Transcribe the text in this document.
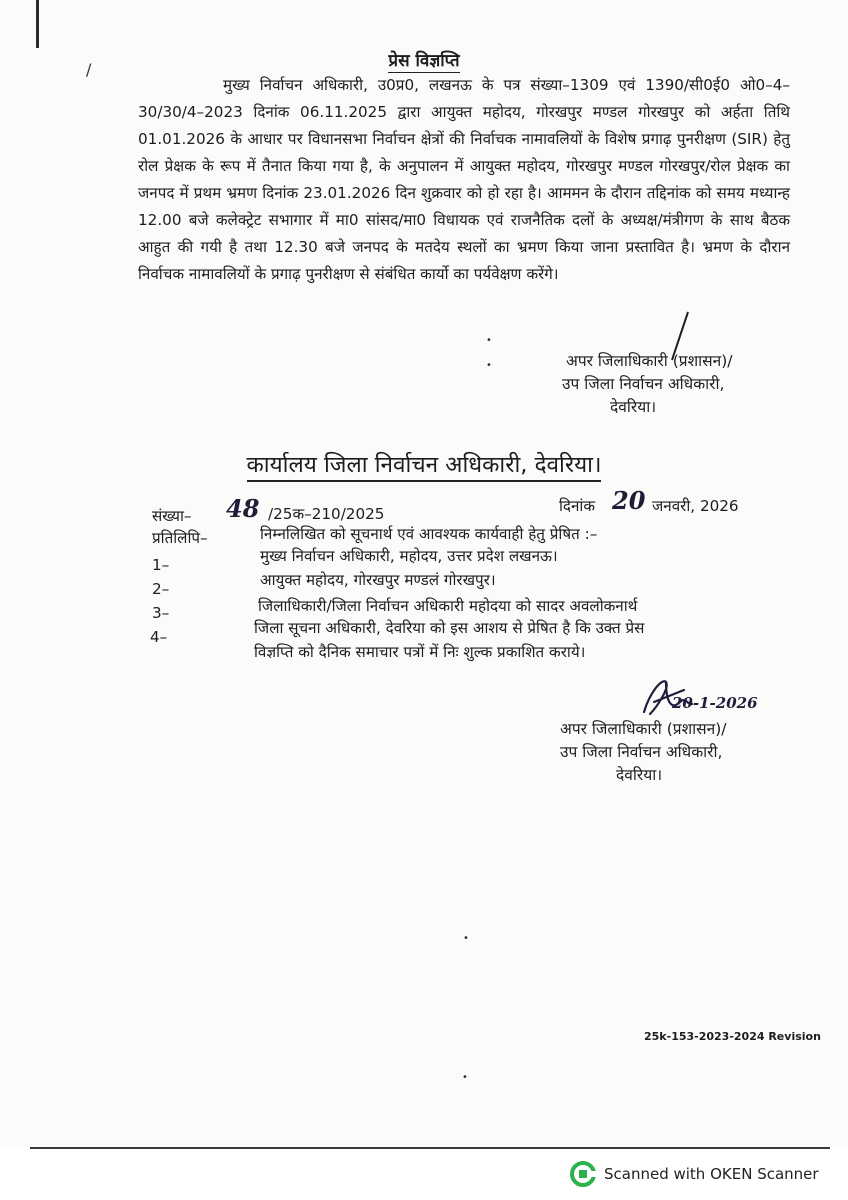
/
•
•
•
•
प्रेस विज्ञप्ति
मुख्य निर्वाचन अधिकारी, उ0प्र0, लखनऊ के पत्र संख्या–1309 एवं 1390/सी0ई0 ओ0–4–30/30/4–2023 दिनांक 06.11.2025 द्वारा आयुक्त महोदय, गोरखपुर मण्डल गोरखपुर को अर्हता तिथि 01.01.2026 के आधार पर विधानसभा निर्वाचन क्षेत्रों की निर्वाचक नामावलियों के विशेष प्रगाढ़ पुनरीक्षण (SIR) हेतु रोल प्रेक्षक के रूप में तैनात किया गया है, के अनुपालन में आयुक्त महोदय, गोरखपुर मण्डल गोरखपुर/रोल प्रेक्षक का जनपद में प्रथम भ्रमण दिनांक 23.01.2026 दिन शुक्रवार को हो रहा है। आममन के दौरान तद्दिनांक को समय मध्यान्ह 12.00 बजे कलेक्ट्रेट सभागार में मा0 सांसद/मा0 विधायक एवं राजनैतिक दलों के अध्यक्ष/मंत्रीगण के साथ बैठक आहुत की गयी है तथा 12.30 बजे जनपद के मतदेय स्थलों का भ्रमण किया जाना प्रस्तावित है। भ्रमण के दौरान निर्वाचक नामावलियों के प्रगाढ़ पुनरीक्षण से संबंधित कार्यो का पर्यवेक्षण करेंगे।
अपर जिलाधिकारी (प्रशासन)/
उप जिला निर्वाचन अधिकारी,
देवरिया।
कार्यालय जिला निर्वाचन अधिकारी, देवरिया।
संख्या– 48 /25क–210/2025	दिनांक 20 जनवरी, 2026
प्रतिलिपि–	निम्नलिखित को सूचनार्थ एवं आवश्यक कार्यवाही हेतु प्रेषित :–
1–	मुख्य निर्वाचन अधिकारी, महोदय, उत्तर प्रदेश लखनऊ।
2–	आयुक्त महोदय, गोरखपुर मण्डलं गोरखपुर।
3–	जिलाधिकारी/जिला निर्वाचन अधिकारी महोदया को सादर अवलोकनार्थ
4–	जिला सूचना अधिकारी, देवरिया को इस आशय से प्रेषित है कि उक्त प्रेस
विज्ञप्ति को दैनिक समाचार पत्रों में निः शुल्क प्रकाशित कराये।
20-1-2026
अपर जिलाधिकारी (प्रशासन)/
उप जिला निर्वाचन अधिकारी,
देवरिया।
25k-153-2023-2024 Revision
Scanned with OKEN Scanner
